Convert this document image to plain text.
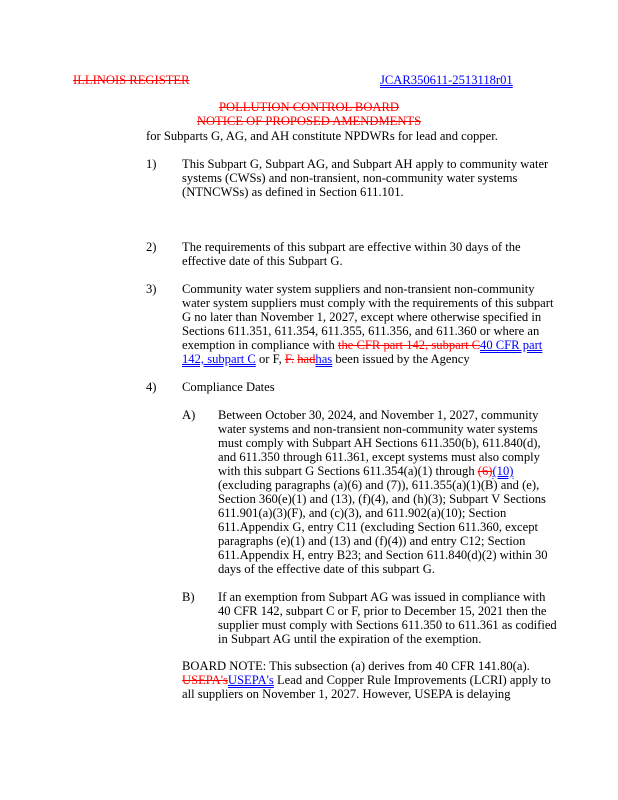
ILLINOIS REGISTER	JCAR350611-2513118r01
POLLUTION CONTROL BOARD
NOTICE OF PROPOSED AMENDMENTS
for Subparts G, AG, and AH constitute NPDWRs for lead and copper.
1) This Subpart G, Subpart AG, and Subpart AH apply to community water
systems (CWSs) and non-transient, non-community water systems
(NTNCWSs) as defined in Section 611.101.
2) The requirements of this subpart are effective within 30 days of the
effective date of this Subpart G.
3) Community water system suppliers and non-transient non-community
water system suppliers must comply with the requirements of this subpart
G no later than November 1, 2027, except where otherwise specified in
Sections 611.351, 611.354, 611.355, 611.356, and 611.360 or where an
exemption in compliance with the CFR part 142, subpart C40 CFR part
142, subpart C or F, F. hadhas been issued by the Agency
4) Compliance Dates
A) Between October 30, 2024, and November 1, 2027, community
water systems and non-transient non-community water systems
must comply with Subpart AH Sections 611.350(b), 611.840(d),
and 611.350 through 611.361, except systems must also comply
with this subpart G Sections 611.354(a)(1) through (6)(10)
(excluding paragraphs (a)(6) and (7)), 611.355(a)(1)(B) and (e),
Section 360(e)(1) and (13), (f)(4), and (h)(3); Subpart V Sections
611.901(a)(3)(F), and (c)(3), and 611.902(a)(10); Section
611.Appendix G, entry C11 (excluding Section 611.360, except
paragraphs (e)(1) and (13) and (f)(4)) and entry C12; Section
611.Appendix H, entry B23; and Section 611.840(d)(2) within 30
days of the effective date of this subpart G.
B) If an exemption from Subpart AG was issued in compliance with
40 CFR 142, subpart C or F, prior to December 15, 2021 then the
supplier must comply with Sections 611.350 to 611.361 as codified
in Subpart AG until the expiration of the exemption.
BOARD NOTE: This subsection (a) derives from 40 CFR 141.80(a).
USEPA'sUSEPA's Lead and Copper Rule Improvements (LCRI) apply to
all suppliers on November 1, 2027. However, USEPA is delaying
